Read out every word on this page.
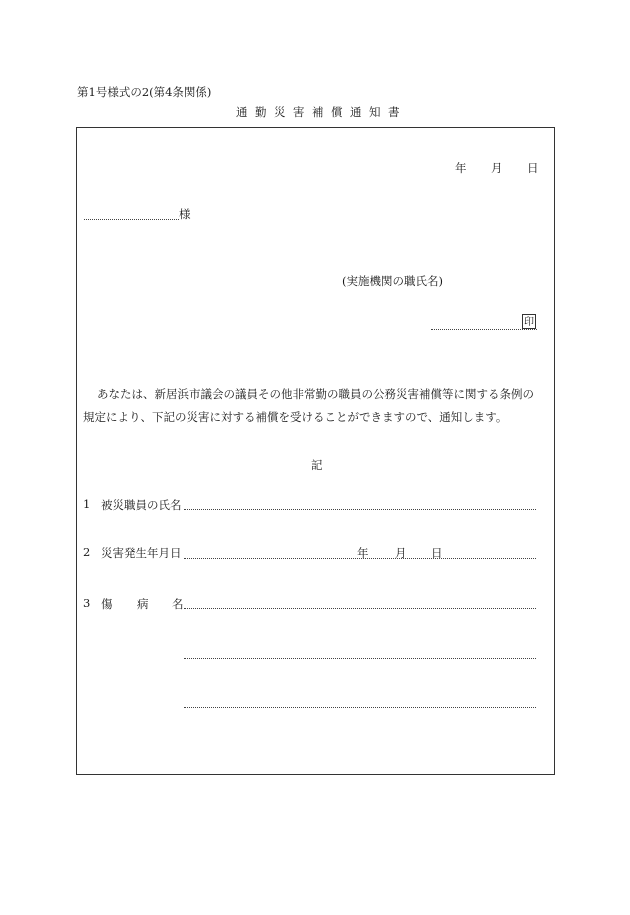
第1号様式の2(第4条関係)
通勤災害補償通知書
年 月 日
様
(実施機関の職氏名)
印
あなたは、新居浜市議会の議員その他非常勤の職員の公務災害補償等に関する条例の
規定により、下記の災害に対する補償を受けることができますので、通知します。
記
1 被災職員の氏名
2 災害発生年月日	年 月 日
3 傷 病 名
